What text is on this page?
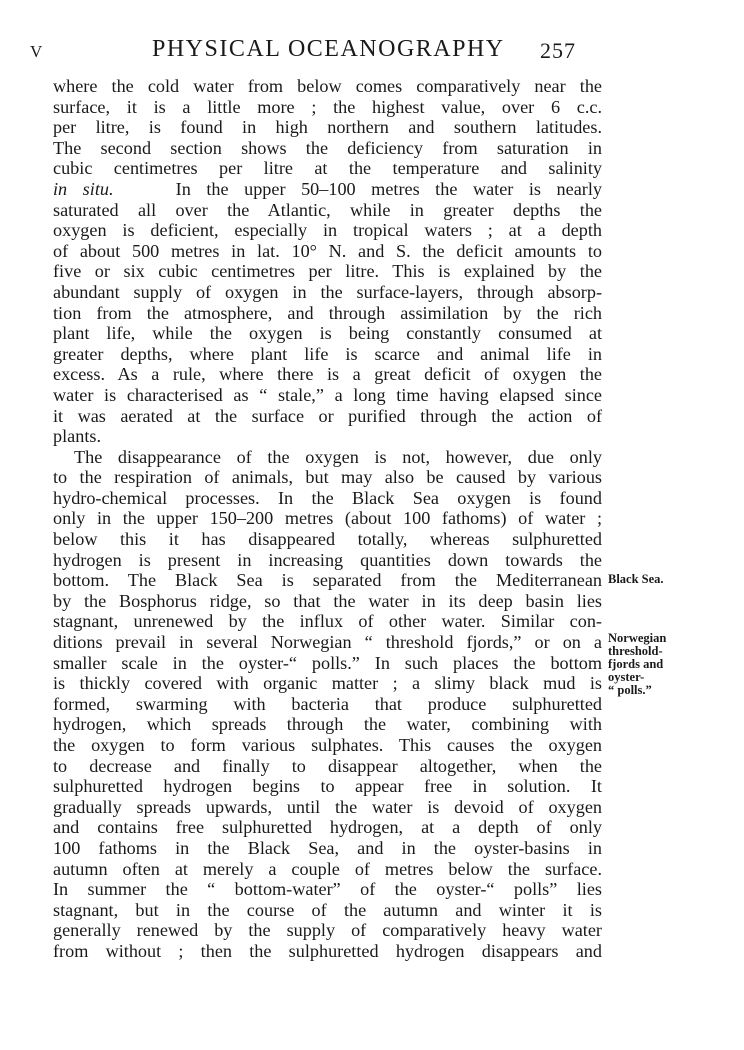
V	PHYSICAL OCEANOGRAPHY 257
where the cold water from below comes comparatively near the
surface, it is a little more ; the highest value, over 6 c.c.
per litre, is found in high northern and southern latitudes.
The second section shows the deficiency from saturation in
cubic centimetres per litre at the temperature and salinity
in situ.	In the upper 50–100 metres the water is nearly
saturated all over the Atlantic, while in greater depths the
oxygen is deficient, especially in tropical waters ; at a depth
of about 500 metres in lat. 10° N. and S. the deficit amounts to
five or six cubic centimetres per litre. This is explained by the
abundant supply of oxygen in the surface-layers, through absorp-
tion from the atmosphere, and through assimilation by the rich
plant life, while the oxygen is being constantly consumed at
greater depths, where plant life is scarce and animal life in
excess. As a rule, where there is a great deficit of oxygen the
water is characterised as “ stale,” a long time having elapsed since
it was aerated at the surface or purified through the action of
plants.
The disappearance of the oxygen is not, however, due only
to the respiration of animals, but may also be caused by various
hydro-chemical processes. In the Black Sea oxygen is found
only in the upper 150–200 metres (about 100 fathoms) of water ;
below this it has disappeared totally, whereas sulphuretted
hydrogen is present in increasing quantities down towards the
bottom. The Black Sea is separated from the Mediterranean
by the Bosphorus ridge, so that the water in its deep basin lies
stagnant, unrenewed by the influx of other water. Similar con-
ditions prevail in several Norwegian “ threshold fjords,” or on a
smaller scale in the oyster-“ polls.” In such places the bottom
is thickly covered with organic matter ; a slimy black mud is
formed, swarming with bacteria that produce sulphuretted
hydrogen, which spreads through the water, combining with
the oxygen to form various sulphates. This causes the oxygen
to decrease and finally to disappear altogether, when the
sulphuretted hydrogen begins to appear free in solution. It
gradually spreads upwards, until the water is devoid of oxygen
and contains free sulphuretted hydrogen, at a depth of only
100 fathoms in the Black Sea, and in the oyster-basins in
autumn often at merely a couple of metres below the surface.
In summer the “ bottom-water” of the oyster-“ polls” lies
stagnant, but in the course of the autumn and winter it is
generally renewed by the supply of comparatively heavy water
from without ; then the sulphuretted hydrogen disappears and
Black Sea.
Norwegian
threshold-
fjords and
oyster-
“ polls.”
